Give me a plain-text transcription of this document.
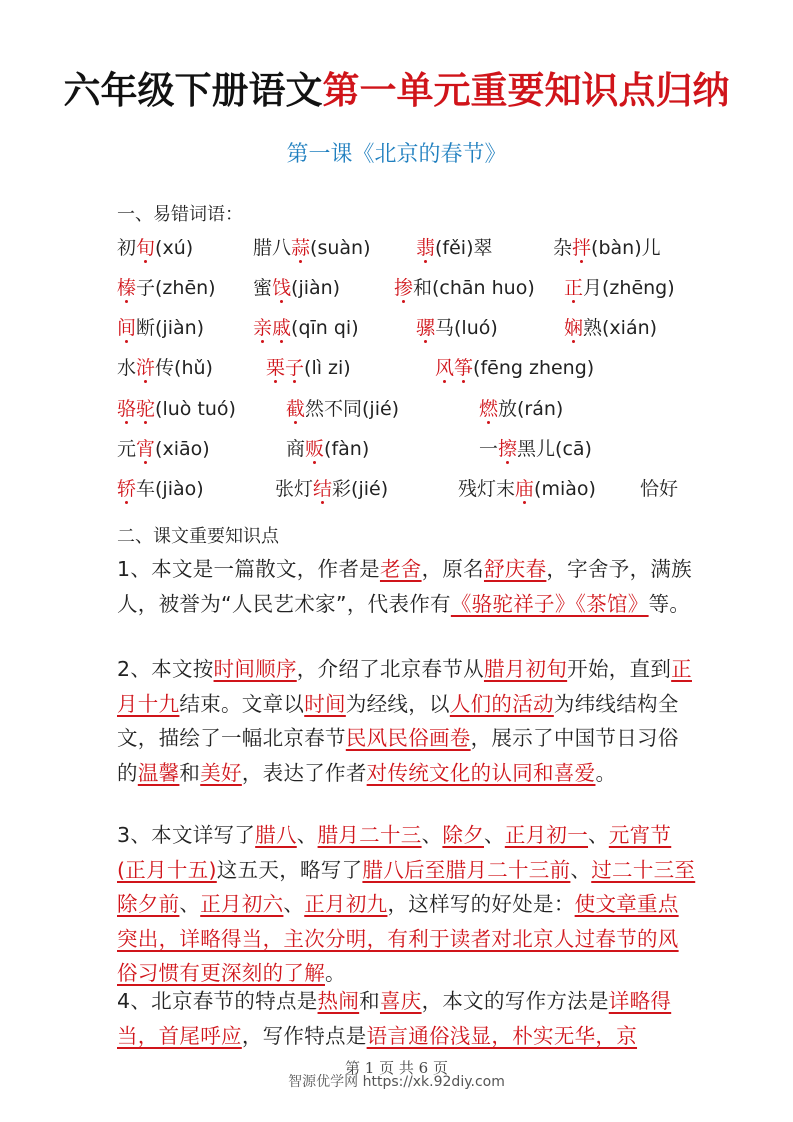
六年级下册语文第一单元重要知识点归纳
第一课《北京的春节》
一、易错词语：
初旬(xú)	腊八蒜(suàn) 翡(fěi)翠	杂拌(bàn)儿
榛子(zhēn) 蜜饯(jiàn)	掺和(chān huo) 正月(zhēng)
间断(jiàn)	亲戚(qīn qi)	骡马(luó)	娴熟(xián)
水浒传(hǔ)	栗子(lì zi)	风筝(fēng zheng)
骆驼(luò tuó)	截然不同(jié)	燃放(rán)
元宵(xiāo)	商贩(fàn)	一擦黑儿(cā)
轿车(jiào)	张灯结彩(jié)	残灯末庙(miào) 恰好
二、课文重要知识点
1、本文是一篇散文，作者是老舍，原名舒庆春，字舍予，满族人，被誉为“人民艺术家”，代表作有《骆驼祥子》《茶馆》等。
2、本文按时间顺序，介绍了北京春节从腊月初旬开始，直到正月十九结束。文章以时间为经线，以人们的活动为纬线结构全文，描绘了一幅北京春节民风民俗画卷，展示了中国节日习俗的温馨和美好，表达了作者对传统文化的认同和喜爱。
3、本文详写了腊八、腊月二十三、除夕、正月初一、元宵节(正月十五)这五天，略写了腊八后至腊月二十三前、过二十三至除夕前、正月初六、正月初九，这样写的好处是：使文章重点突出，详略得当，主次分明，有利于读者对北京人过春节的风俗习惯有更深刻的了解。
4、北京春节的特点是热闹和喜庆，本文的写作方法是详略得当，首尾呼应，写作特点是语言通俗浅显，朴实无华，京
第 1 页 共 6 页
智源优学网 https://xk.92diy.com
